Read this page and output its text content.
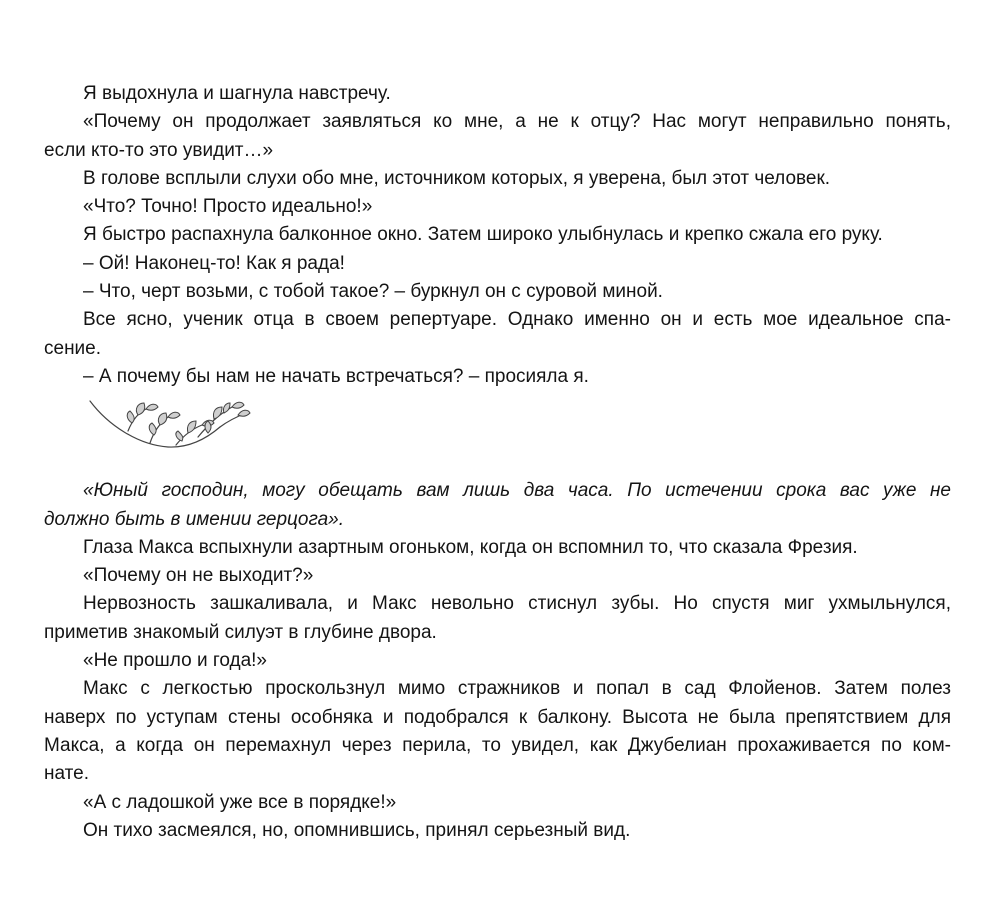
Я выдохнула и шагнула навстречу.
«Почему он продолжает заявляться ко мне, а не к отцу? Нас могут неправильно понять,
если кто-то это увидит…»
В голове всплыли слухи обо мне, источником которых, я уверена, был этот человек.
«Что? Точно! Просто идеально!»
Я быстро распахнула балконное окно. Затем широко улыбнулась и крепко сжала его руку.
– Ой! Наконец-то! Как я рада!
– Что, черт возьми, с тобой такое? – буркнул он с суровой миной.
Все ясно, ученик отца в своем репертуаре. Однако именно он и есть мое идеальное спа-
сение.
– А почему бы нам не начать встречаться? – просияла я.
«Юный господин, могу обещать вам лишь два часа. По истечении срока вас уже не
должно быть в имении герцога».
Глаза Макса вспыхнули азартным огоньком, когда он вспомнил то, что сказала Фрезия.
«Почему он не выходит?»
Нервозность зашкаливала, и Макс невольно стиснул зубы. Но спустя миг ухмыльнулся,
приметив знакомый силуэт в глубине двора.
«Не прошло и года!»
Макс с легкостью проскользнул мимо стражников и попал в сад Флойенов. Затем полез
наверх по уступам стены особняка и подобрался к балкону. Высота не была препятствием для
Макса, а когда он перемахнул через перила, то увидел, как Джубелиан прохаживается по ком-
нате.
«А с ладошкой уже все в порядке!»
Он тихо засмеялся, но, опомнившись, принял серьезный вид.
